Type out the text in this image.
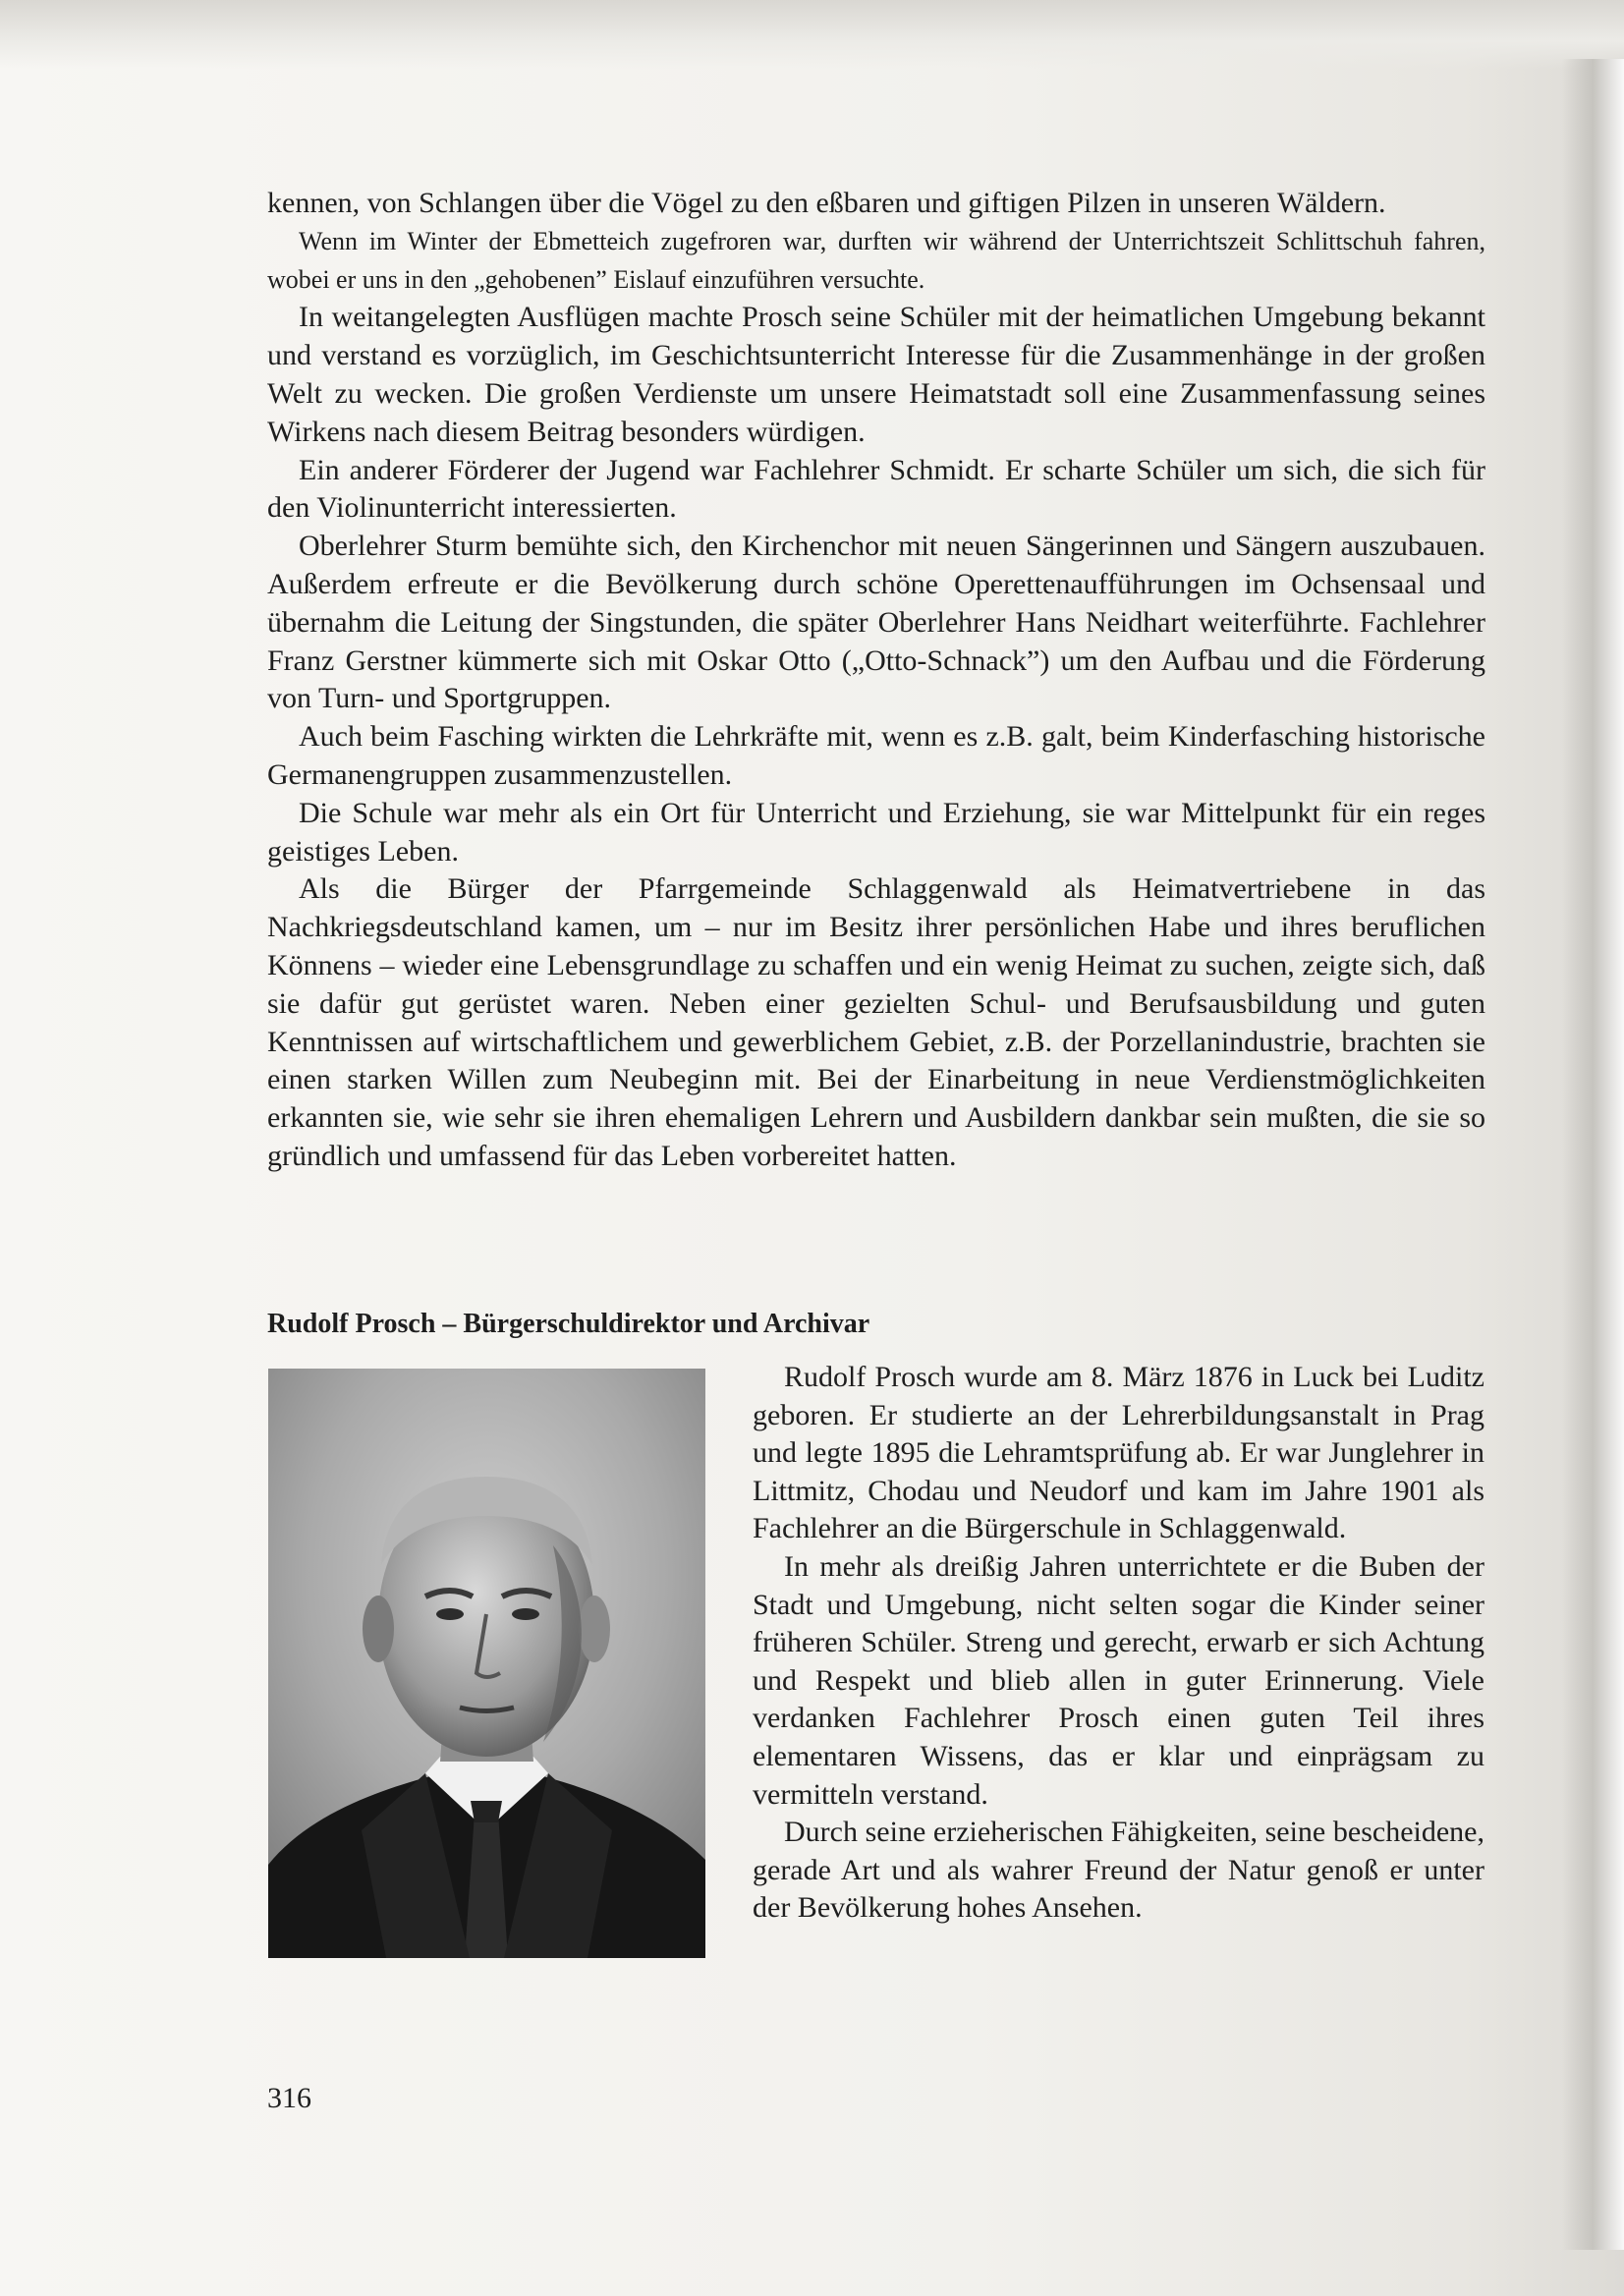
kennen, von Schlangen über die Vögel zu den eßbaren und giftigen Pilzen in unseren Wäldern.

Wenn im Winter der Ebmetteich zugefroren war, durften wir während der Unterrichtszeit Schlittschuh fahren, wobei er uns in den „gehobenen” Eislauf einzuführen versuchte.

In weitangelegten Ausflügen machte Prosch seine Schüler mit der heimatlichen Umgebung bekannt und verstand es vorzüglich, im Geschichtsunterricht Interesse für die Zusammenhänge in der großen Welt zu wecken. Die großen Verdienste um unsere Heimatstadt soll eine Zusammenfassung seines Wirkens nach diesem Beitrag besonders würdigen.

Ein anderer Förderer der Jugend war Fachlehrer Schmidt. Er scharte Schüler um sich, die sich für den Violinunterricht interessierten.

Oberlehrer Sturm bemühte sich, den Kirchenchor mit neuen Sängerinnen und Sängern auszubauen. Außerdem erfreute er die Bevölkerung durch schöne Operettenaufführungen im Ochsensaal und übernahm die Leitung der Singstunden, die später Oberlehrer Hans Neidhart weiterführte. Fachlehrer Franz Gerstner kümmerte sich mit Oskar Otto („Otto-Schnack”) um den Aufbau und die Förderung von Turn- und Sportgruppen.

Auch beim Fasching wirkten die Lehrkräfte mit, wenn es z.B. galt, beim Kinderfasching historische Germanengruppen zusammenzustellen.

Die Schule war mehr als ein Ort für Unterricht und Erziehung, sie war Mittelpunkt für ein reges geistiges Leben.

Als die Bürger der Pfarrgemeinde Schlaggenwald als Heimatvertriebene in das Nachkriegsdeutschland kamen, um – nur im Besitz ihrer persönlichen Habe und ihres beruflichen Könnens – wieder eine Lebensgrundlage zu schaffen und ein wenig Heimat zu suchen, zeigte sich, daß sie dafür gut gerüstet waren. Neben einer gezielten Schul- und Berufsausbildung und guten Kenntnissen auf wirtschaftlichem und gewerblichem Gebiet, z.B. der Porzellanindustrie, brachten sie einen starken Willen zum Neubeginn mit. Bei der Einarbeitung in neue Verdienstmöglichkeiten erkannten sie, wie sehr sie ihren ehemaligen Lehrern und Ausbildern dankbar sein mußten, die sie so gründlich und umfassend für das Leben vorbereitet hatten.

Rudolf Prosch – Bürgerschuldirektor und Archivar

Rudolf Prosch wurde am 8. März 1876 in Luck bei Luditz geboren. Er studierte an der Lehrerbildungsanstalt in Prag und legte 1895 die Lehramtsprüfung ab. Er war Junglehrer in Littmitz, Chodau und Neudorf und kam im Jahre 1901 als Fachlehrer an die Bürgerschule in Schlaggenwald.

In mehr als dreißig Jahren unterrichtete er die Buben der Stadt und Umgebung, nicht selten sogar die Kinder seiner früheren Schüler. Streng und gerecht, erwarb er sich Achtung und Respekt und blieb allen in guter Erinnerung. Viele verdanken Fachlehrer Prosch einen guten Teil ihres elementaren Wissens, das er klar und einprägsam zu vermitteln verstand.

Durch seine erzieherischen Fähigkeiten, seine bescheidene, gerade Art und als wahrer Freund der Natur genoß er unter der Bevölkerung hohes Ansehen.

316
